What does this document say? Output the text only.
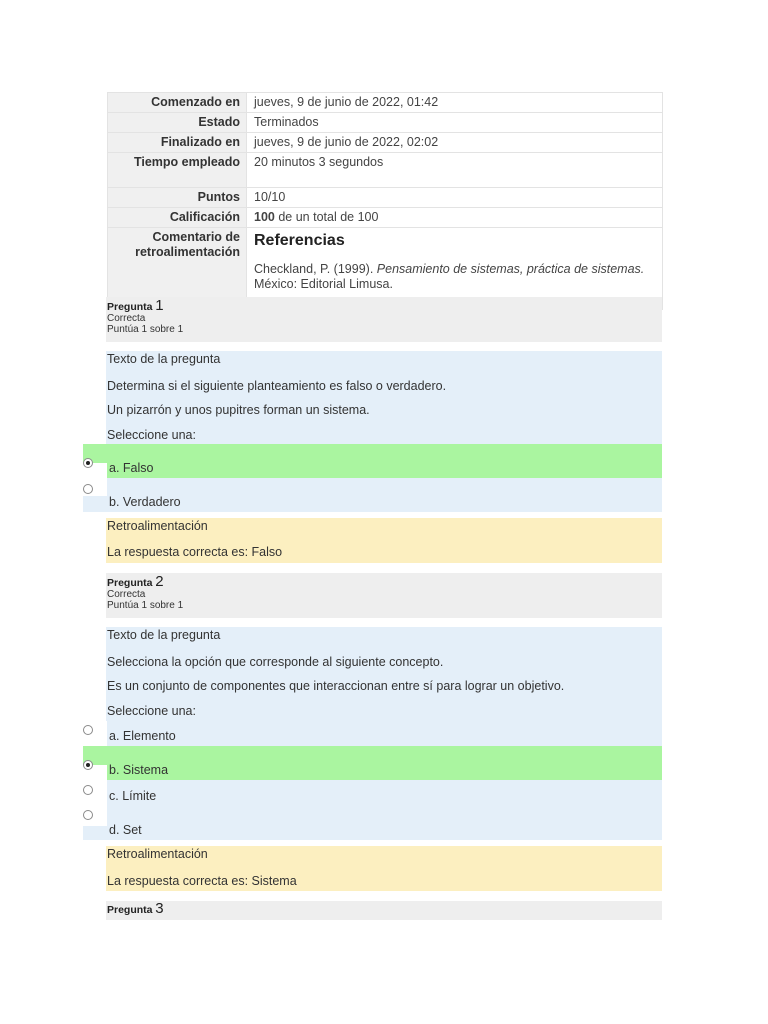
Comenzado en	jueves, 9 de junio de 2022, 01:42
Estado	Terminados
Finalizado en	jueves, 9 de junio de 2022, 02:02
Tiempo empleado	20 minutos 3 segundos
Puntos	10/10
Calificación	100 de un total de 100
Comentario de retroalimentación	Referencias
Checkland, P. (1999). Pensamiento de sistemas, práctica de sistemas. México: Editorial Limusa.
Pregunta 1
Correcta
Puntúa 1 sobre 1

Texto de la pregunta

Determina si el siguiente planteamiento es falso o verdadero.

Un pizarrón y unos pupitres forman un sistema.

Seleccione una:

a. Falso
b. Verdadero

Retroalimentación

La respuesta correcta es: Falso

Pregunta 2
Correcta
Puntúa 1 sobre 1

Texto de la pregunta

Selecciona la opción que corresponde al siguiente concepto.

Es un conjunto de componentes que interaccionan entre sí para lograr un objetivo.

Seleccione una:

a. Elemento
b. Sistema
c. Límite
d. Set

Retroalimentación

La respuesta correcta es: Sistema

Pregunta 3
